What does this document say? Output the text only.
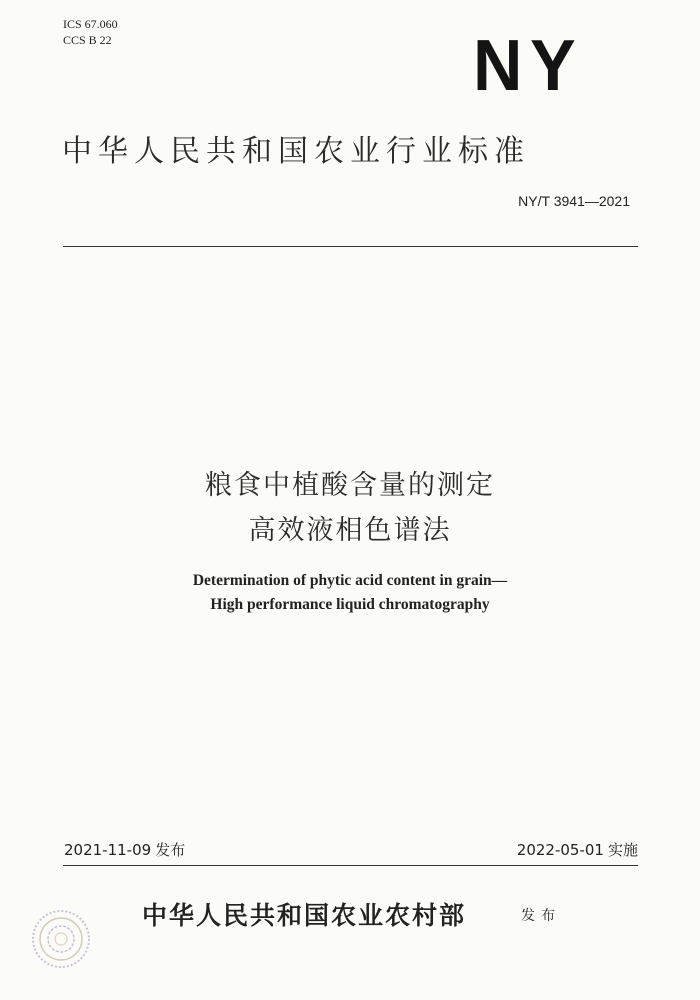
ICS 67.060
CCS B 22	NY
中华人民共和国农业行业标准
NY/T 3941—2021
粮食中植酸含量的测定
高效液相色谱法
Determination of phytic acid content in grain—
High performance liquid chromatography
2021-11-09 发布	2022-05-01 实施
中华人民共和国农业农村部	发布
